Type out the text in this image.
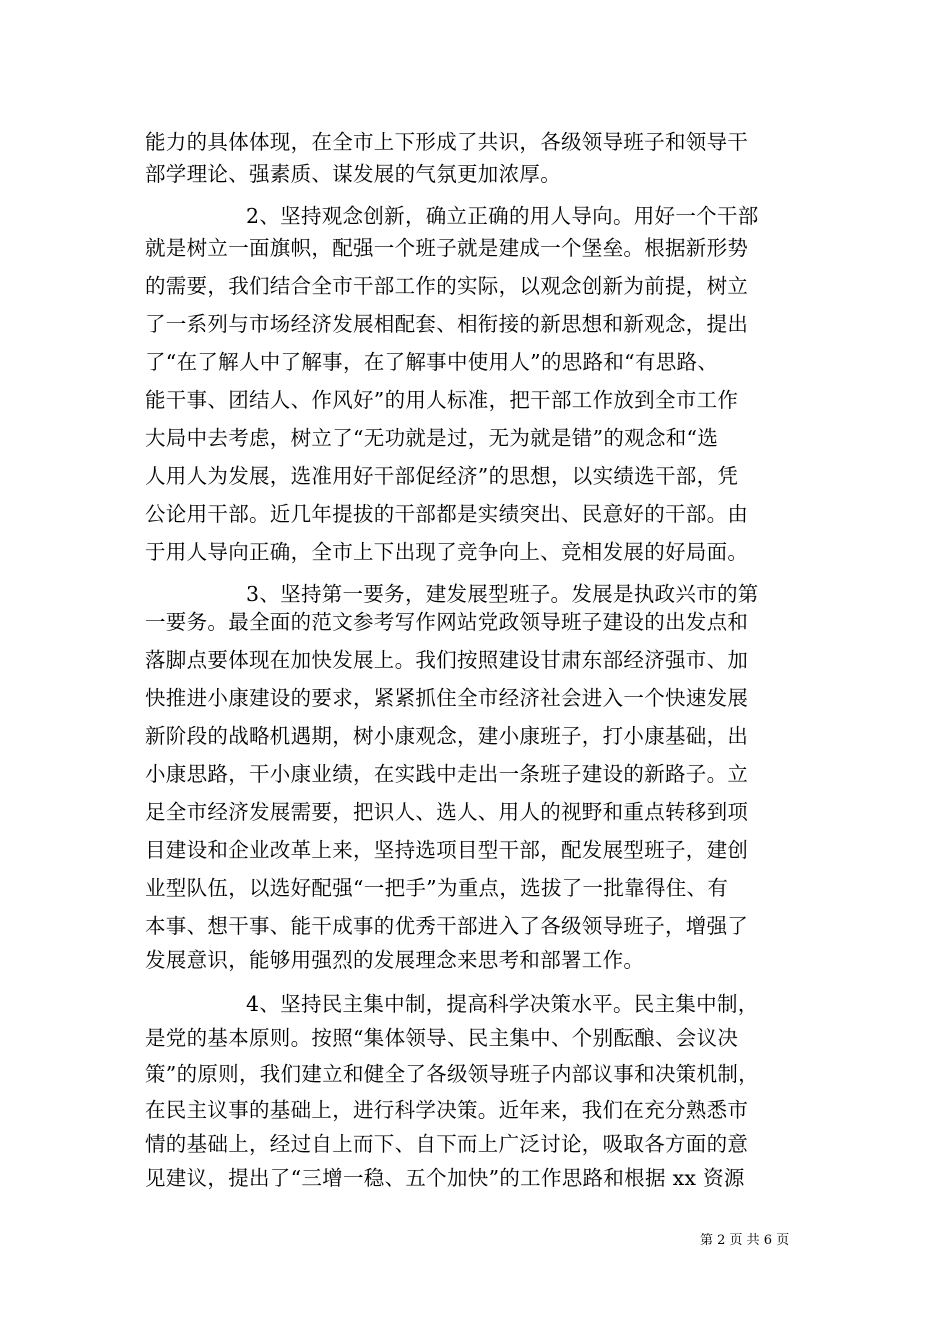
能力的具体体现，在全市上下形成了共识，各级领导班子和领导干
部学理论、强素质、谋发展的气氛更加浓厚。
2、坚持观念创新，确立正确的用人导向。用好一个干部
就是树立一面旗帜，配强一个班子就是建成一个堡垒。根据新形势
的需要，我们结合全市干部工作的实际，以观念创新为前提，树立
了一系列与市场经济发展相配套、相衔接的新思想和新观念，提出
了“在了解人中了解事，在了解事中使用人”的思路和“有思路、
能干事、团结人、作风好”的用人标准，把干部工作放到全市工作
大局中去考虑，树立了“无功就是过，无为就是错”的观念和“选
人用人为发展，选准用好干部促经济”的思想，以实绩选干部，凭
公论用干部。近几年提拔的干部都是实绩突出、民意好的干部。由
于用人导向正确，全市上下出现了竞争向上、竞相发展的好局面。
3、坚持第一要务，建发展型班子。发展是执政兴市的第
一要务。最全面的范文参考写作网站党政领导班子建设的出发点和
落脚点要体现在加快发展上。我们按照建设甘肃东部经济强市、加
快推进小康建设的要求，紧紧抓住全市经济社会进入一个快速发展
新阶段的战略机遇期，树小康观念，建小康班子，打小康基础，出
小康思路，干小康业绩，在实践中走出一条班子建设的新路子。立
足全市经济发展需要，把识人、选人、用人的视野和重点转移到项
目建设和企业改革上来，坚持选项目型干部，配发展型班子，建创
业型队伍，以选好配强“一把手”为重点，选拔了一批靠得住、有
本事、想干事、能干成事的优秀干部进入了各级领导班子，增强了
发展意识，能够用强烈的发展理念来思考和部署工作。
4、坚持民主集中制，提高科学决策水平。民主集中制，
是党的基本原则。按照“集体领导、民主集中、个别酝酿、会议决
策”的原则，我们建立和健全了各级领导班子内部议事和决策机制，
在民主议事的基础上，进行科学决策。近年来，我们在充分熟悉市
情的基础上，经过自上而下、自下而上广泛讨论，吸取各方面的意
见建议，提出了“三增一稳、五个加快”的工作思路和根据 xx 资源
第 2 页 共 6 页
